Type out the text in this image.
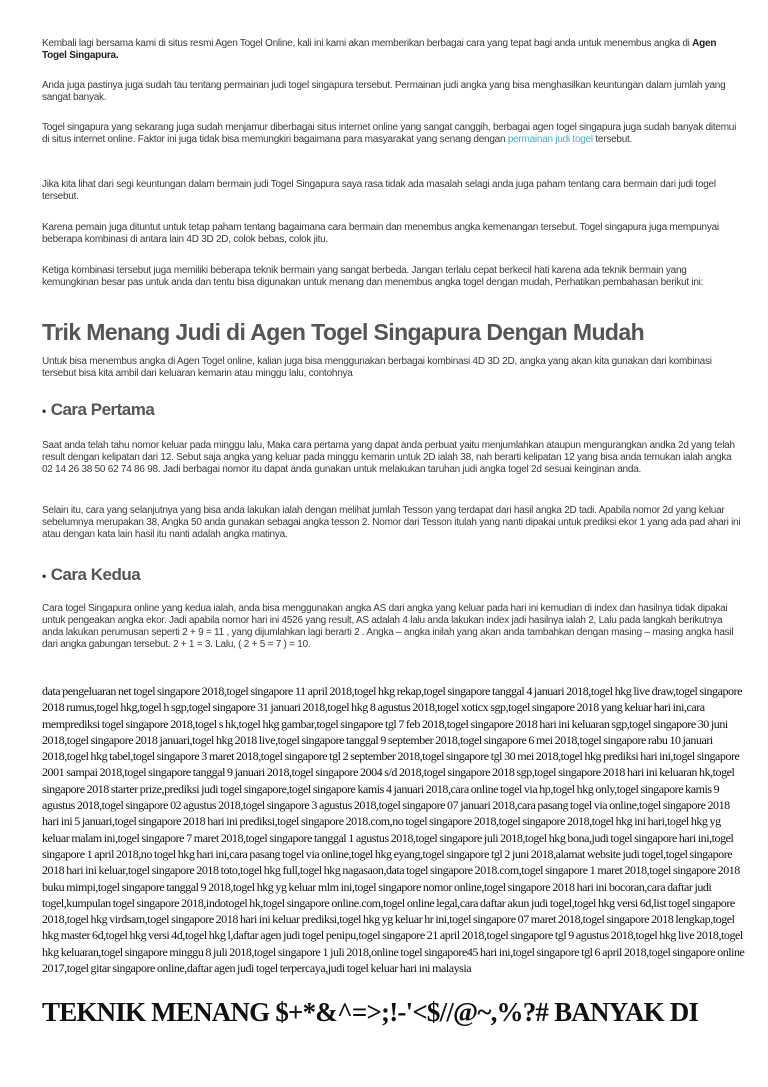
Kembali lagi bersama kami di situs resmi Agen Togel Online, kali ini kami akan memberikan berbagai cara yang tepat bagi anda untuk menembus angka di Agen Togel Singapura.

Anda juga pastinya juga sudah tau tentang permainan judi togel singapura tersebut. Permainan judi angka yang bisa menghasilkan keuntungan dalam jumlah yang sangat banyak.

Togel singapura yang sekarang juga sudah menjamur diberbagai situs internet online yang sangat canggih, berbagai agen togel singapura juga sudah banyak ditemui di situs internet online. Faktor ini juga tidak bisa memungkiri bagaimana para masyarakat yang senang dengan permainan judi togel tersebut.

Jika kita lihat dari segi keuntungan dalam bermain judi Togel Singapura saya rasa tidak ada masalah selagi anda juga paham tentang cara bermain dari judi togel tersebut.

Karena pemain juga dituntut untuk tetap paham tentang bagaimana cara bermain dan menembus angka kemenangan tersebut. Togel singapura juga mempunyai beberapa kombinasi di antara lain 4D 3D 2D, colok bebas, colok jitu.

Ketiga kombinasi tersebut juga memiliki beberapa teknik bermain yang sangat berbeda. Jangan terlalu cepat berkecil hati karena ada teknik bermain yang kemungkinan besar pas untuk anda dan tentu bisa digunakan untuk menang dan menembus angka togel dengan mudah, Perhatikan pembahasan berikut ini:

Trik Menang Judi di Agen Togel Singapura Dengan Mudah

Untuk bisa menembus angka di Agen Togel online, kalian juga bisa menggunakan berbagai kombinasi 4D 3D 2D, angka yang akan kita gunakan dari kombinasi tersebut bisa kita ambil dari keluaran kemarin atau minggu lalu, contohnya

• Cara Pertama

Saat anda telah tahu nomor keluar pada minggu lalu, Maka cara pertama yang dapat anda perbuat yaitu menjumlahkan ataupun mengurangkan andka 2d yang telah result dengan kelipatan dari 12. Sebut saja angka yang keluar pada minggu kemarin untuk 2D ialah 38, nah berarti kelipatan 12 yang bisa anda temukan ialah angka 02 14 26 38 50 62 74 86 98. Jadi berbagai nomor itu dapat anda gunakan untuk melakukan taruhan judi angka togel 2d sesuai keinginan anda.

Selain itu, cara yang selanjutnya yang bisa anda lakukan ialah dengan melihat jumlah Tesson yang terdapat dari hasil angka 2D tadi. Apabila nomor 2d yang keluar sebelumnya merupakan 38, Angka 50 anda gunakan sebagai angka tesson 2. Nomor dari Tesson itulah yang nanti dipakai untuk prediksi ekor 1 yang ada pad ahari ini atau dengan kata lain hasil itu nanti adalah angka matinya.

• Cara Kedua

Cara togel Singapura online yang kedua ialah, anda bisa menggunakan angka AS dari angka yang keluar pada hari ini kemudian di index dan hasilnya tidak dipakai untuk pengeakan angka ekor. Jadi apabila nomor hari ini 4526 yang result, AS adalah 4 lalu anda lakukan index jadi hasilnya ialah 2, Lalu pada langkah berikutnya anda lakukan perumusan seperti 2 + 9 = 11 , yang dijumlahkan lagi berarti 2 . Angka – angka inilah yang akan anda tambahkan dengan masing – masing angka hasil dari angka gabungan tersebut. 2 + 1 = 3. Lalu, ( 2 + 5 = 7 ) = 10.

data pengeluaran net togel singapore 2018,togel singapore 11 april 2018,togel hkg rekap,togel singapore tanggal 4 januari 2018,togel hkg live draw,togel singapore 2018 rumus,togel hkg,togel h sgp,togel singapore 31 januari 2018,togel hkg 8 agustus 2018,togel xoticx sgp,togel singapore 2018 yang keluar hari ini,cara memprediksi togel singapore 2018,togel s hk,togel hkg gambar,togel singapore tgl 7 feb 2018,togel singapore 2018 hari ini keluaran sgp,togel singapore 30 juni 2018,togel singapore 2018 januari,togel hkg 2018 live,togel singapore tanggal 9 september 2018,togel singapore 6 mei 2018,togel singapore rabu 10 januari 2018,togel hkg tabel,togel singapore 3 maret 2018,togel singapore tgl 2 september 2018,togel singapore tgl 30 mei 2018,togel hkg prediksi hari ini,togel singapore 2001 sampai 2018,togel singapore tanggal 9 januari 2018,togel singapore 2004 s/d 2018,togel singapore 2018 sgp,togel singapore 2018 hari ini keluaran hk,togel singapore 2018 starter prize,prediksi judi togel singapore,togel singapore kamis 4 januari 2018,cara online togel via hp,togel hkg only,togel singapore kamis 9 agustus 2018,togel singapore 02 agustus 2018,togel singapore 3 agustus 2018,togel singapore 07 januari 2018,cara pasang togel via online,togel singapore 2018 hari ini 5 januari,togel singapore 2018 hari ini prediksi,togel singapore 2018.com,no togel singapore 2018,togel singapore 2018,togel hkg ini hari,togel hkg yg keluar malam ini,togel singapore 7 maret 2018,togel singapore tanggal 1 agustus 2018,togel singapore juli 2018,togel hkg bona,judi togel singapore hari ini,togel singapore 1 april 2018,no togel hkg hari ini,cara pasang togel via online,togel hkg eyang,togel singapore tgl 2 juni 2018,alamat website judi togel,togel singapore 2018 hari ini keluar,togel singapore 2018 toto,togel hkg full,togel hkg nagasaon,data togel singapore 2018.com,togel singapore 1 maret 2018,togel singapore 2018 buku mimpi,togel singapore tanggal 9 2018,togel hkg yg keluar mlm ini,togel singapore nomor online,togel singapore 2018 hari ini bocoran,cara daftar judi togel,kumpulan togel singapore 2018,indotogel hk,togel singapore online.com,togel online legal,cara daftar akun judi togel,togel hkg versi 6d,list togel singapore 2018,togel hkg virdsam,togel singapore 2018 hari ini keluar prediksi,togel hkg yg keluar hr ini,togel singapore 07 maret 2018,togel singapore 2018 lengkap,togel hkg master 6d,togel hkg versi 4d,togel hkg l,daftar agen judi togel penipu,togel singapore 21 april 2018,togel singapore tgl 9 agustus 2018,togel hkg live 2018,togel hkg keluaran,togel singapore minggu 8 juli 2018,togel singapore 1 juli 2018,online togel singapore45 hari ini,togel singapore tgl 6 april 2018,togel singapore online 2017,togel gitar singapore online,daftar agen judi togel terpercaya,judi togel keluar hari ini malaysia

TEKNIK MENANG $+*&^=>;!-'<$//@~,%?# BANYAK DI
